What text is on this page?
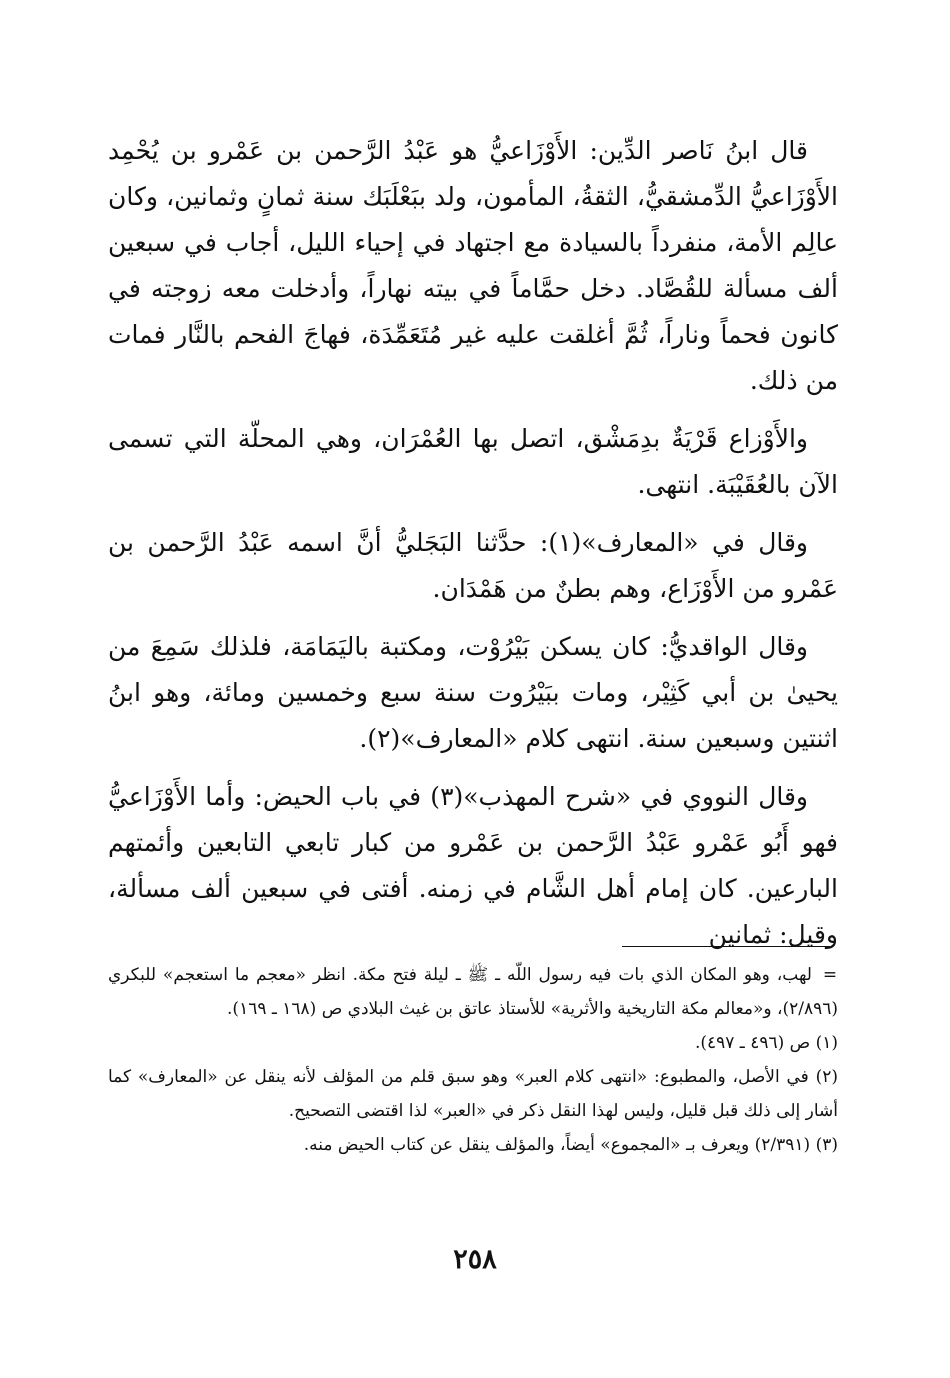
قال ابنُ نَاصر الدِّين: الأَوْزَاعيُّ هو عَبْدُ الرَّحمن بن عَمْرو بن يُحْمِد الأَوْزَاعيُّ الدِّمشقيُّ، الثقةُ، المأمون، ولد ببَعْلَبَك سنة ثمانٍ وثمانين، وكان عالِم الأمة، منفرداً بالسيادة مع اجتهاد في إحياء الليل، أجاب في سبعين ألف مسألة للقُصَّاد. دخل حمَّاماً في بيته نهاراً، وأدخلت معه زوجته في كانون فحماً وناراً، ثُمَّ أغلقت عليه غير مُتَعَمِّدَة، فهاجَ الفحم بالنَّار فمات من ذلك.

والأَوْزاع قَرْيَةٌ بدِمَشْق، اتصل بها العُمْرَان، وهي المحلّة التي تسمى الآن بالعُقَيْبَة. انتهى.

وقال في «المعارف»(١): حدَّثنا البَجَليُّ أنَّ اسمه عَبْدُ الرَّحمن بن عَمْرو من الأَوْزَاع، وهم بطنٌ من هَمْدَان.

وقال الواقديُّ: كان يسكن بَيْرُوْت، ومكتبة باليَمَامَة، فلذلك سَمِعَ من يحيىٰ بن أبي كَثِيْر، ومات ببَيْرُوت سنة سبع وخمسين ومائة، وهو ابنُ اثنتين وسبعين سنة. انتهى كلام «المعارف»(٢).

وقال النووي في «شرح المهذب»(٣) في باب الحيض: وأما الأَوْزَاعيُّ فهو أَبُو عَمْرو عَبْدُ الرَّحمن بن عَمْرو من كبار تابعي التابعين وأئمتهم البارعين. كان إمام أهل الشَّام في زمنه. أفتى في سبعين ألف مسألة، وقيل: ثمانين

=لهب، وهو المكان الذي بات فيه رسول اللّه ـ ﷺ ـ ليلة فتح مكة. انظر «معجم ما استعجم» للبكري (٢/٨٩٦)، و«معالم مكة التاريخية والأثرية» للأستاذ عاتق بن غيث البلادي ص (١٦٨ ـ ١٦٩).

(١) ص (٤٩٦ ـ ٤٩٧).

(٢) في الأصل، والمطبوع: «انتهى كلام العبر» وهو سبق قلم من المؤلف لأنه ينقل عن «المعارف» كما أشار إلى ذلك قبل قليل، وليس لهذا النقل ذكر في «العبر» لذا اقتضى التصحيح.

(٣) (٢/٣٩١) ويعرف بـ «المجموع» أيضاً، والمؤلف ينقل عن كتاب الحيض منه.

٢٥٨
